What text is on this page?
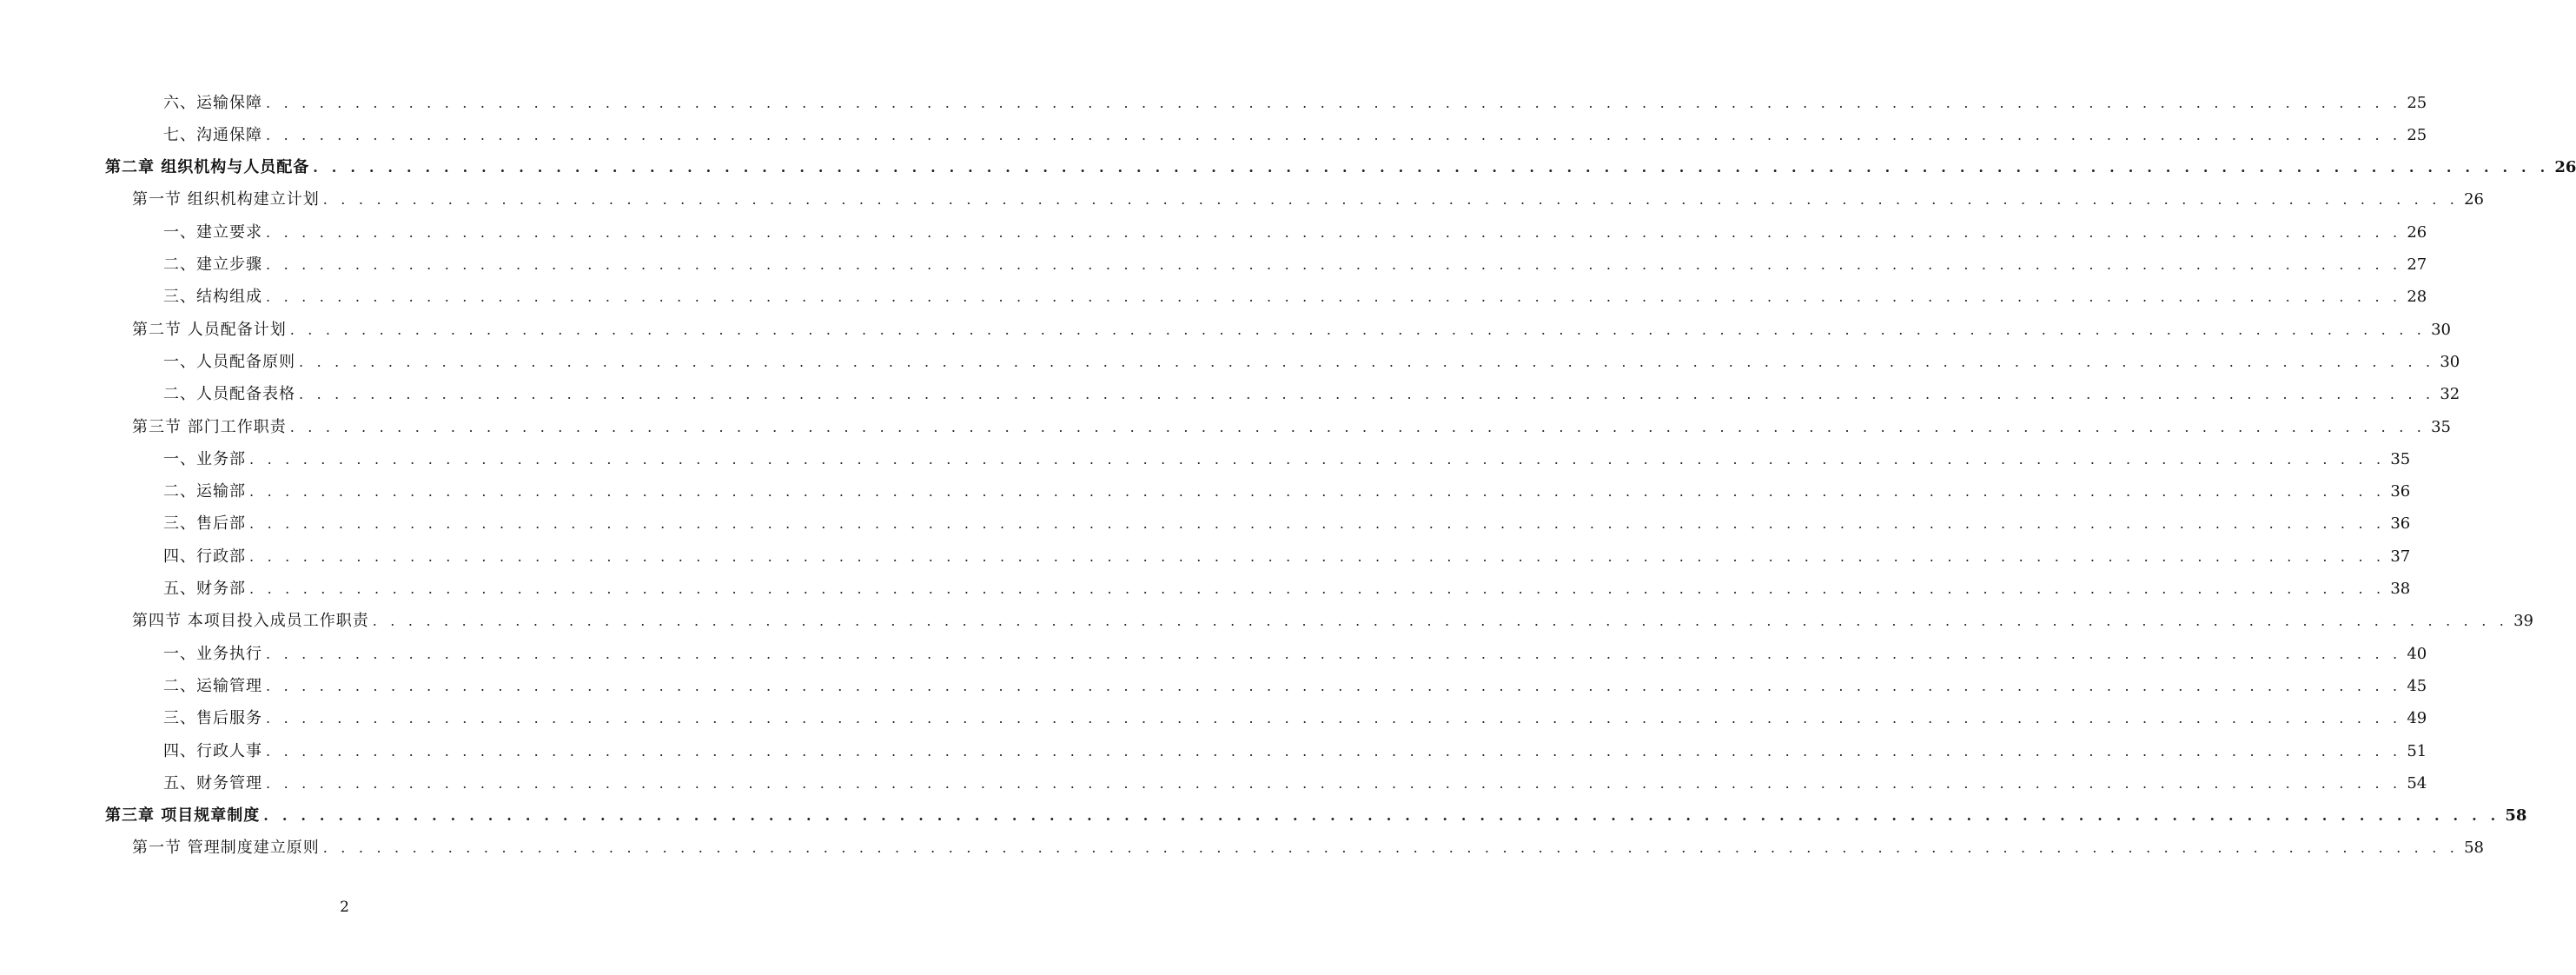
六、运输保障 . . . . . . . . . . . . . . . . . . . . . . . . . . . . . . . . . . . . . . . . . . . . . . . . . . . . . . . . . . . . . . . . . . . . . . . . . . . . . . . . . . . . . . . . . . . . . . . . . . . . . . . . . . . . . . . . . . . . . . . . 25
七、沟通保障 . . . . . . . . . . . . . . . . . . . . . . . . . . . . . . . . . . . . . . . . . . . . . . . . . . . . . . . . . . . . . . . . . . . . . . . . . . . . . . . . . . . . . . . . . . . . . . . . . . . . . . . . . . . . . . . . . . . . . . . . 25
第二章 组织机构与人员配备 . . . . . . . . . . . . . . . . . . . . . . . . . . . . . . . . . . . . . . . . . . . . . . . . . . . . . . . . . . . . . . . . . . . . . . . . . . . . . . . . . . . . . . . . . . . . . . . . . . . . . . . . . . . . . . . . . . . . . . . . 26
第一节 组织机构建立计划 . . . . . . . . . . . . . . . . . . . . . . . . . . . . . . . . . . . . . . . . . . . . . . . . . . . . . . . . . . . . . . . . . . . . . . . . . . . . . . . . . . . . . . . . . . . . . . . . . . . . . . . . . . . . . . . . . . . . . . . . 26
一、建立要求 . . . . . . . . . . . . . . . . . . . . . . . . . . . . . . . . . . . . . . . . . . . . . . . . . . . . . . . . . . . . . . . . . . . . . . . . . . . . . . . . . . . . . . . . . . . . . . . . . . . . . . . . . . . . . . . . . . . . . . . . 26
二、建立步骤 . . . . . . . . . . . . . . . . . . . . . . . . . . . . . . . . . . . . . . . . . . . . . . . . . . . . . . . . . . . . . . . . . . . . . . . . . . . . . . . . . . . . . . . . . . . . . . . . . . . . . . . . . . . . . . . . . . . . . . . . 27
三、结构组成 . . . . . . . . . . . . . . . . . . . . . . . . . . . . . . . . . . . . . . . . . . . . . . . . . . . . . . . . . . . . . . . . . . . . . . . . . . . . . . . . . . . . . . . . . . . . . . . . . . . . . . . . . . . . . . . . . . . . . . . . 28
第二节 人员配备计划 . . . . . . . . . . . . . . . . . . . . . . . . . . . . . . . . . . . . . . . . . . . . . . . . . . . . . . . . . . . . . . . . . . . . . . . . . . . . . . . . . . . . . . . . . . . . . . . . . . . . . . . . . . . . . . . . . . . . . . . . 30
一、人员配备原则 . . . . . . . . . . . . . . . . . . . . . . . . . . . . . . . . . . . . . . . . . . . . . . . . . . . . . . . . . . . . . . . . . . . . . . . . . . . . . . . . . . . . . . . . . . . . . . . . . . . . . . . . . . . . . . . . . . . . . . . . 30
二、人员配备表格 . . . . . . . . . . . . . . . . . . . . . . . . . . . . . . . . . . . . . . . . . . . . . . . . . . . . . . . . . . . . . . . . . . . . . . . . . . . . . . . . . . . . . . . . . . . . . . . . . . . . . . . . . . . . . . . . . . . . . . . . 32
第三节 部门工作职责 . . . . . . . . . . . . . . . . . . . . . . . . . . . . . . . . . . . . . . . . . . . . . . . . . . . . . . . . . . . . . . . . . . . . . . . . . . . . . . . . . . . . . . . . . . . . . . . . . . . . . . . . . . . . . . . . . . . . . . . . 35
一、业务部 . . . . . . . . . . . . . . . . . . . . . . . . . . . . . . . . . . . . . . . . . . . . . . . . . . . . . . . . . . . . . . . . . . . . . . . . . . . . . . . . . . . . . . . . . . . . . . . . . . . . . . . . . . . . . . . . . . . . . . . . 35
二、运输部 . . . . . . . . . . . . . . . . . . . . . . . . . . . . . . . . . . . . . . . . . . . . . . . . . . . . . . . . . . . . . . . . . . . . . . . . . . . . . . . . . . . . . . . . . . . . . . . . . . . . . . . . . . . . . . . . . . . . . . . . 36
三、售后部 . . . . . . . . . . . . . . . . . . . . . . . . . . . . . . . . . . . . . . . . . . . . . . . . . . . . . . . . . . . . . . . . . . . . . . . . . . . . . . . . . . . . . . . . . . . . . . . . . . . . . . . . . . . . . . . . . . . . . . . . 36
四、行政部 . . . . . . . . . . . . . . . . . . . . . . . . . . . . . . . . . . . . . . . . . . . . . . . . . . . . . . . . . . . . . . . . . . . . . . . . . . . . . . . . . . . . . . . . . . . . . . . . . . . . . . . . . . . . . . . . . . . . . . . . 37
五、财务部 . . . . . . . . . . . . . . . . . . . . . . . . . . . . . . . . . . . . . . . . . . . . . . . . . . . . . . . . . . . . . . . . . . . . . . . . . . . . . . . . . . . . . . . . . . . . . . . . . . . . . . . . . . . . . . . . . . . . . . . . 38
第四节 本项目投入成员工作职责 . . . . . . . . . . . . . . . . . . . . . . . . . . . . . . . . . . . . . . . . . . . . . . . . . . . . . . . . . . . . . . . . . . . . . . . . . . . . . . . . . . . . . . . . . . . . . . . . . . . . . . . . . . . . . . . . . . . . . . . . 39
一、业务执行 . . . . . . . . . . . . . . . . . . . . . . . . . . . . . . . . . . . . . . . . . . . . . . . . . . . . . . . . . . . . . . . . . . . . . . . . . . . . . . . . . . . . . . . . . . . . . . . . . . . . . . . . . . . . . . . . . . . . . . . . 40
二、运输管理 . . . . . . . . . . . . . . . . . . . . . . . . . . . . . . . . . . . . . . . . . . . . . . . . . . . . . . . . . . . . . . . . . . . . . . . . . . . . . . . . . . . . . . . . . . . . . . . . . . . . . . . . . . . . . . . . . . . . . . . . 45
三、售后服务 . . . . . . . . . . . . . . . . . . . . . . . . . . . . . . . . . . . . . . . . . . . . . . . . . . . . . . . . . . . . . . . . . . . . . . . . . . . . . . . . . . . . . . . . . . . . . . . . . . . . . . . . . . . . . . . . . . . . . . . . 49
四、行政人事 . . . . . . . . . . . . . . . . . . . . . . . . . . . . . . . . . . . . . . . . . . . . . . . . . . . . . . . . . . . . . . . . . . . . . . . . . . . . . . . . . . . . . . . . . . . . . . . . . . . . . . . . . . . . . . . . . . . . . . . . 51
五、财务管理 . . . . . . . . . . . . . . . . . . . . . . . . . . . . . . . . . . . . . . . . . . . . . . . . . . . . . . . . . . . . . . . . . . . . . . . . . . . . . . . . . . . . . . . . . . . . . . . . . . . . . . . . . . . . . . . . . . . . . . . . 54
第三章 项目规章制度 . . . . . . . . . . . . . . . . . . . . . . . . . . . . . . . . . . . . . . . . . . . . . . . . . . . . . . . . . . . . . . . . . . . . . . . . . . . . . . . . . . . . . . . . . . . . . . . . . . . . . . . . . . . . . . . . . . . . . . . . 58
第一节 管理制度建立原则 . . . . . . . . . . . . . . . . . . . . . . . . . . . . . . . . . . . . . . . . . . . . . . . . . . . . . . . . . . . . . . . . . . . . . . . . . . . . . . . . . . . . . . . . . . . . . . . . . . . . . . . . . . . . . . . . . . . . . . . . 58
2
